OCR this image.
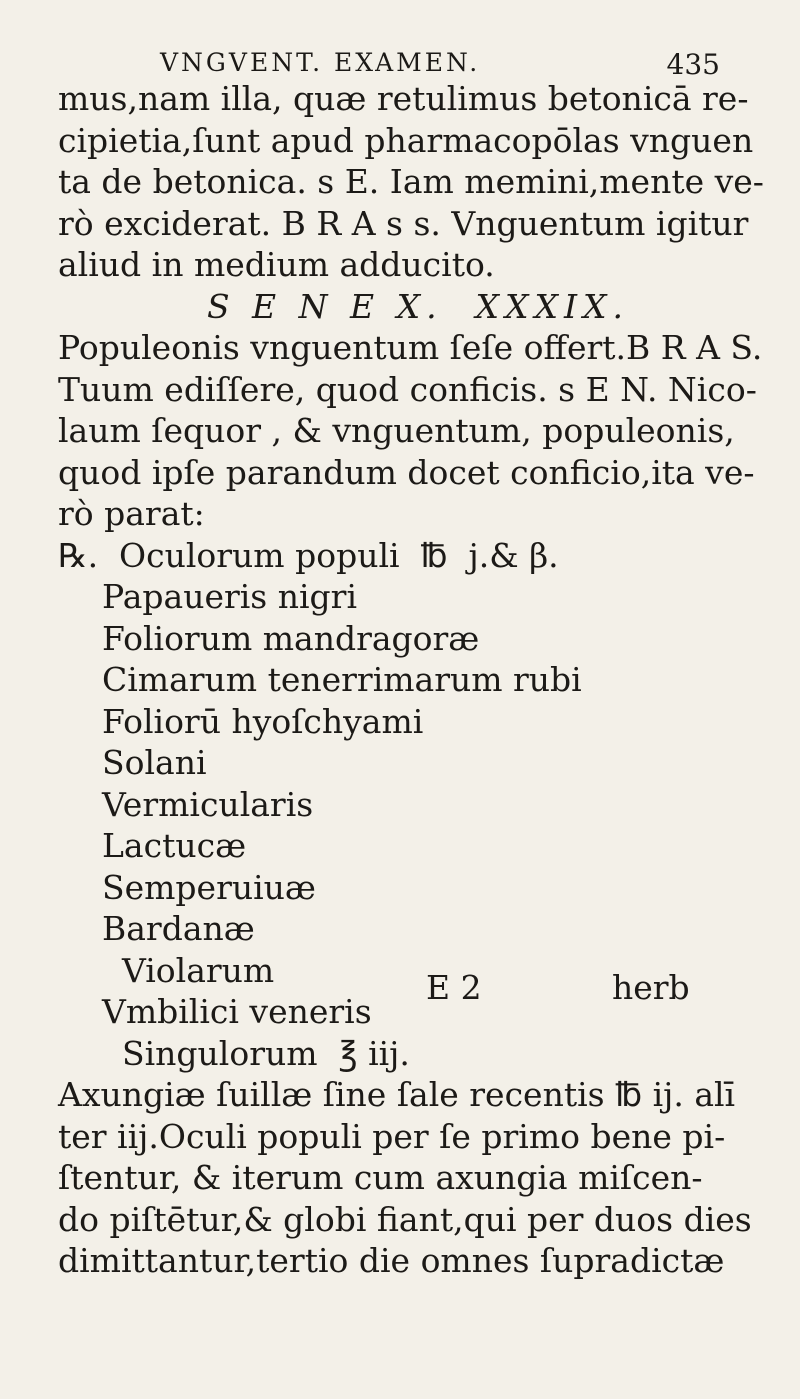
VNGVENT. EXAMEN.	435
mus,nam illa, quæ retulimus betonicā re-
cipietia,ſunt apud pharmacopōlas vnguen
ta de betonica. s E. Iam memini,mente ve-
rò exciderat. B R A s s. Vnguentum igitur
aliud in medium adducito.
S E N E X.  XXXIX.
Populeonis vnguentum ſeſe offert.B R A S.
Tuum ediſſere, quod conficis. s E N. Nico-
laum ſequor , & vnguentum, populeonis,
quod ipſe parandum docet conficio,ita ve-
rò parat:
℞.  Oculorum populi  ℔  j.& β.
Papaueris nigri
Foliorum mandragoræ
Cimarum tenerrimarum rubi
Foliorū hyoſchyami
Solani
Vermicularis
Lactucæ
Semperuiuæ
Bardanæ
Violarum
Vmbilici veneris
Singulorum  ℥ iij.
Axungiæ ſuillæ ſine ſale recentis ℔ ij. alī
ter iij.Oculi populi per ſe primo bene pi-
ſtentur, & iterum cum axungia miſcen-
do piſtētur,& globi fiant,qui per duos dies
dimittantur,tertio die omnes ſupradictæ
E 2	herb
